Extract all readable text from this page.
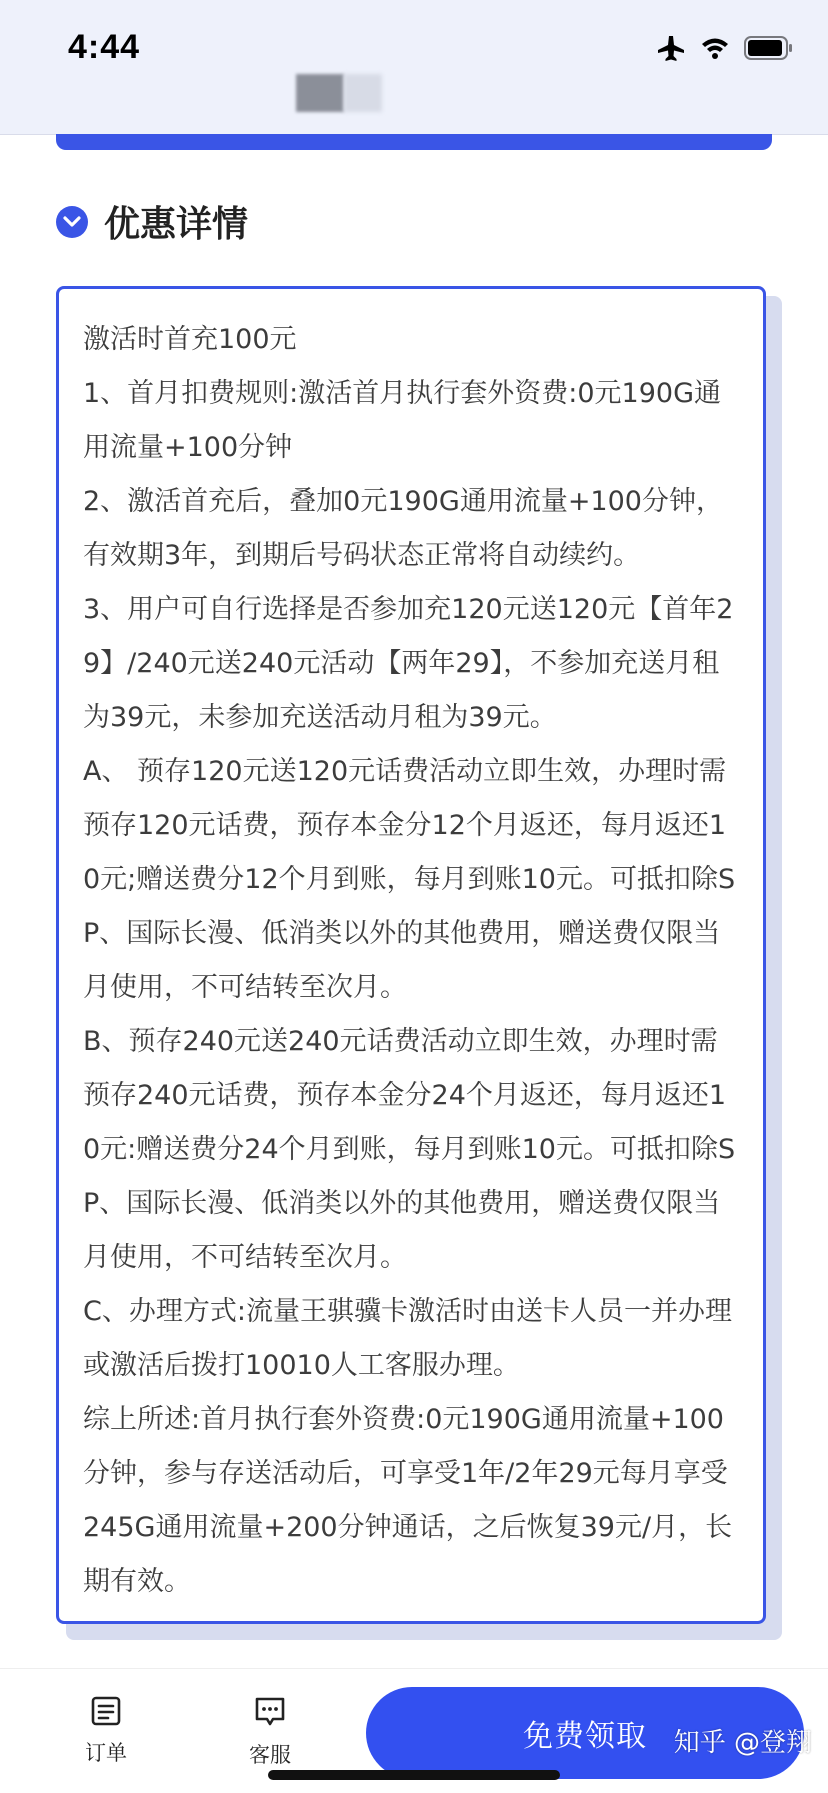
4:44
优惠详情

激活时首充100元

1、首月扣费规则:激活首月执行套外资费:0元190G通用流量+100分钟

2、激活首充后，叠加0元190G通用流量+100分钟，有效期3年，到期后号码状态正常将自动续约。

3、用户可自行选择是否参加充120元送120元【首年29】/240元送240元活动【两年29】，不参加充送月租为39元，未参加充送活动月租为39元。

A、 预存120元送120元话费活动立即生效，办理时需预存120元话费，预存本金分12个月返还，每月返还10元;赠送费分12个月到账，每月到账10元。可抵扣除SP、国际长漫、低消类以外的其他费用，赠送费仅限当月使用，不可结转至次月。

B、预存240元送240元话费活动立即生效，办理时需预存240元话费，预存本金分24个月返还，每月返还10元:赠送费分24个月到账，每月到账10元。可抵扣除SP、国际长漫、低消类以外的其他费用，赠送费仅限当月使用，不可结转至次月。

C、办理方式:流量王骐骥卡激活时由送卡人员一并办理或激活后拨打10010人工客服办理。

综上所述:首月执行套外资费:0元190G通用流量+100分钟，参与存送活动后，可享受1年/2年29元每月享受245G通用流量+200分钟通话，之后恢复39元/月，长期有效。

订单	客服
免费领取	知乎 @登翔
